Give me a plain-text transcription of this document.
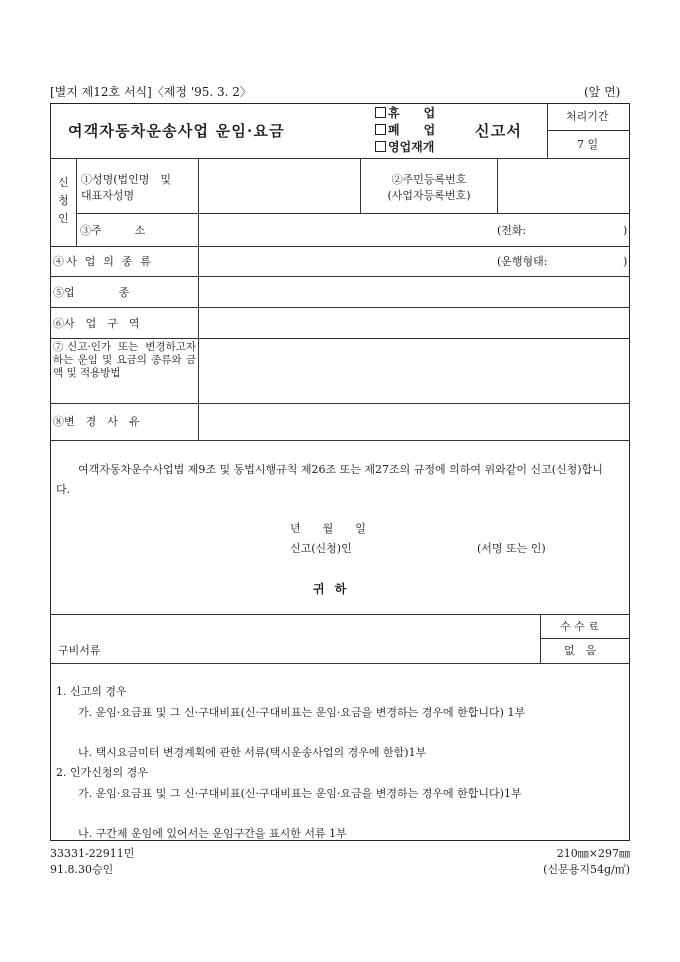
[별지 제12호 서식]〈제정 '95. 3. 2〉	(앞 면)
여객자동차운송사업 운임·요금
휴　　업
폐　　업
영업재개
신고서
처리기간
7 일
신
청
인
①성명(법인명　및
대표자성명
②주민등록번호
(사업자등록번호)
③주　　　소	(전화:	)
④사 업 의 종 류	(운행형태:	)
⑤업　　　　종
⑥사　업　구　역
⑦신고·인가 또는 변경하고자 하는 운임 및 요금의 종류와 금액 및 적용방법
⑧변　경　사　유
여객자동차운수사업법 제9조 및 동법시행규칙 제26조 또는 제27조의 규정에 의하여 위와같이 신고(신청)합니다.
년　　월　　일
신고(신청)인	(서명 또는 인)
귀 하
구비서류
수 수 료
없　음
1. 신고의 경우
가. 운임·요금표 및 그 신·구대비표(신·구대비표는 운임·요금을 변경하는 경우에 한합니다) 1부
나. 택시요금미터 변경계획에 관한 서류(택시운송사업의 경우에 한함)1부
2. 인가신청의 경우
가. 운임·요금표 및 그 신·구대비표(신·구대비표는 운임·요금을 변경하는 경우에 한합니다)1부
나. 구간제 운임에 있어서는 운임구간을 표시한 서류 1부
33331-22911민
91.8.30승인
210㎜×297㎜
(신문용지54g/㎡)
